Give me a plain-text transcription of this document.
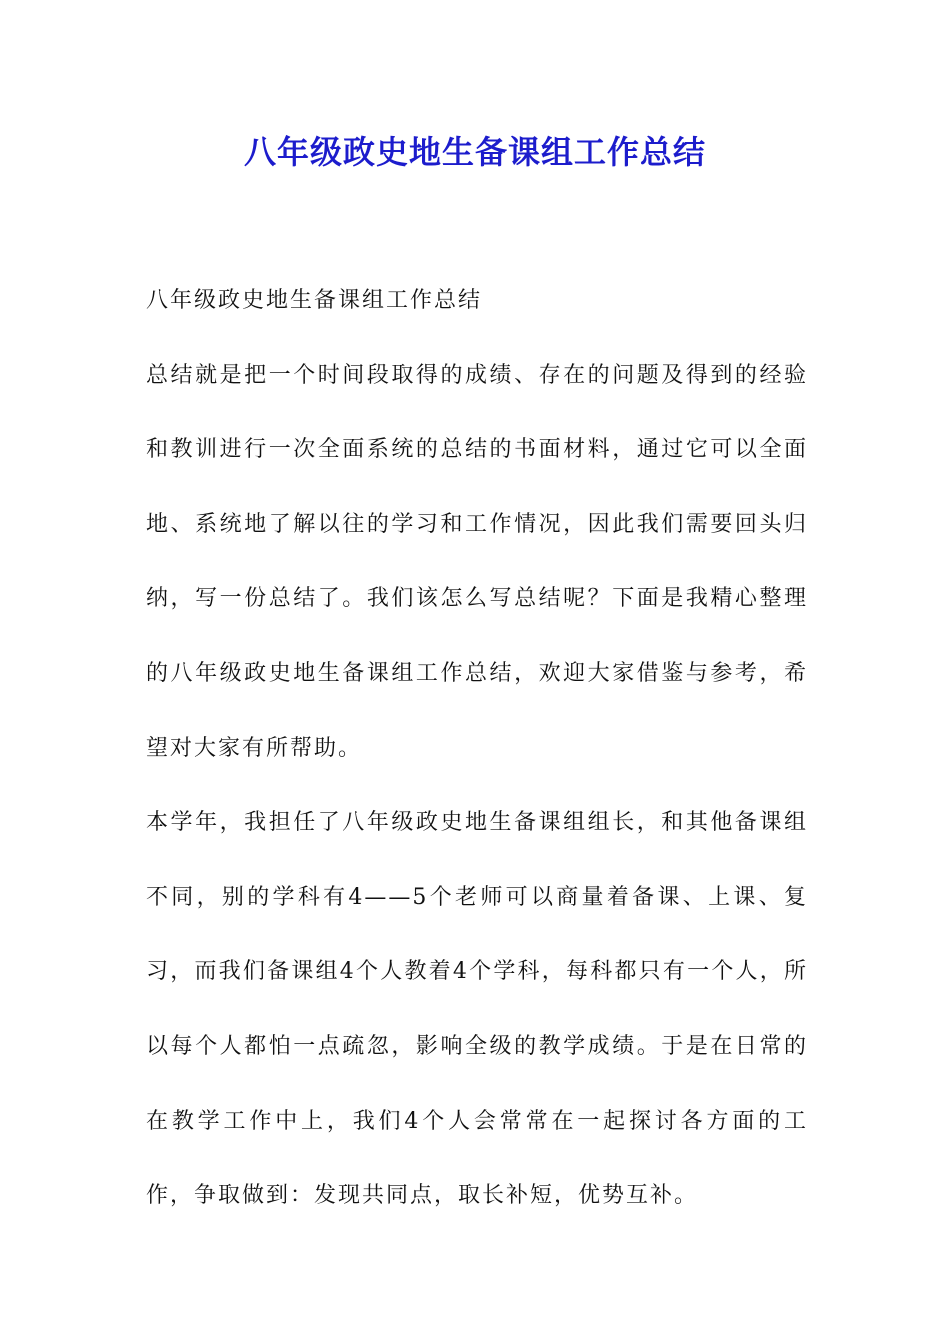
八年级政史地生备课组工作总结

八年级政史地生备课组工作总结

总结就是把一个时间段取得的成绩、存在的问题及得到的经验和教训进行一次全面系统的总结的书面材料，通过它可以全面地、系统地了解以往的学习和工作情况，因此我们需要回头归纳，写一份总结了。我们该怎么写总结呢？下面是我精心整理的八年级政史地生备课组工作总结，欢迎大家借鉴与参考，希望对大家有所帮助。

本学年，我担任了八年级政史地生备课组组长，和其他备课组不同，别的学科有4——5个老师可以商量着备课、上课、复习，而我们备课组4个人教着4个学科，每科都只有一个人，所以每个人都怕一点疏忽，影响全级的教学成绩。于是在日常的在教学工作中上，我们4个人会常常在一起探讨各方面的工作，争取做到：发现共同点，取长补短，优势互补。
